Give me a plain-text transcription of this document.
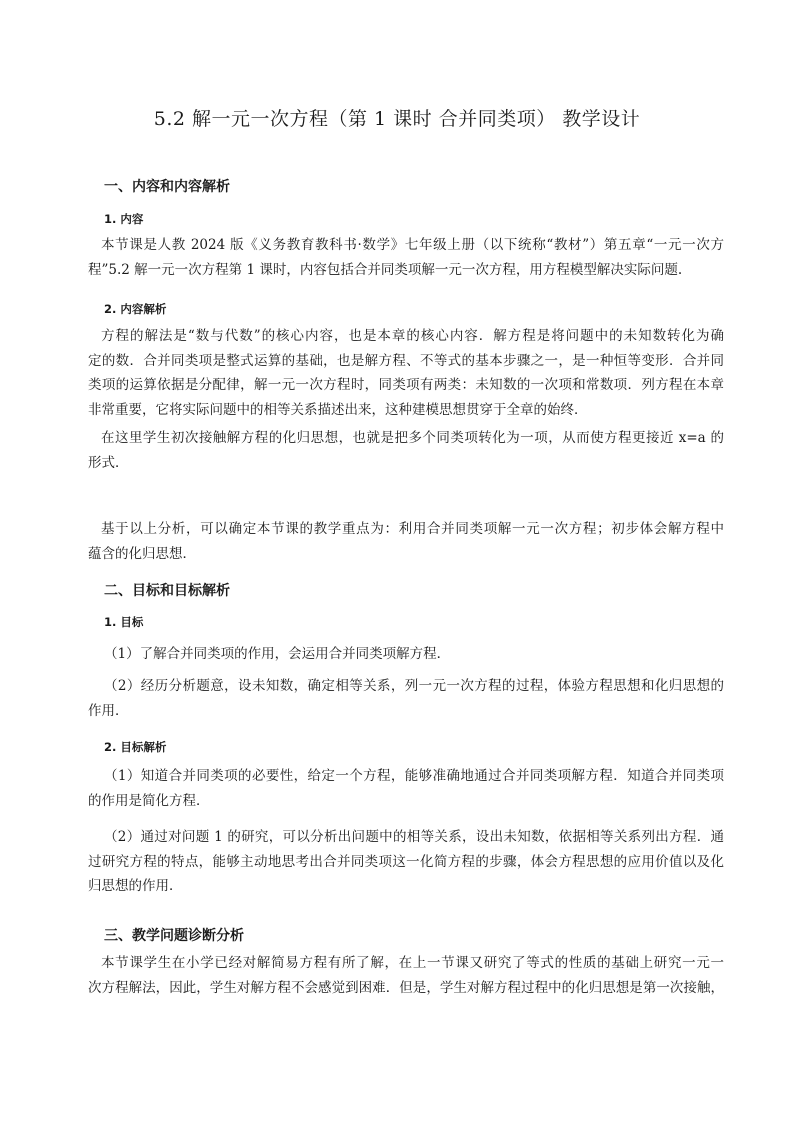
5.2 解一元一次方程（第 1 课时 合并同类项） 教学设计
一、内容和内容解析
1. 内容
本节课是人教 2024 版《义务教育教科书·数学》七年级上册（以下统称“教材”）第五章“一元一次方
程”5.2 解一元一次方程第 1 课时，内容包括合并同类项解一元一次方程，用方程模型解决实际问题.
2. 内容解析
方程的解法是“数与代数”的核心内容，也是本章的核心内容．解方程是将问题中的未知数转化为确
定的数．合并同类项是整式运算的基础，也是解方程、不等式的基本步骤之一，是一种恒等变形．合并同
类项的运算依据是分配律，解一元一次方程时，同类项有两类：未知数的一次项和常数项．列方程在本章
非常重要，它将实际问题中的相等关系描述出来，这种建模思想贯穿于全章的始终．
在这里学生初次接触解方程的化归思想，也就是把多个同类项转化为一项，从而使方程更接近 x=a 的
形式．
基于以上分析，可以确定本节课的教学重点为：利用合并同类项解一元一次方程；初步体会解方程中
蕴含的化归思想．
二、目标和目标解析
1. 目标
（1）了解合并同类项的作用，会运用合并同类项解方程．
（2）经历分析题意，设未知数，确定相等关系，列一元一次方程的过程，体验方程思想和化归思想的
作用．
2. 目标解析
（1）知道合并同类项的必要性，给定一个方程，能够准确地通过合并同类项解方程．知道合并同类项
的作用是简化方程．
（2）通过对问题 1 的研究，可以分析出问题中的相等关系，设出未知数，依据相等关系列出方程．通
过研究方程的特点，能够主动地思考出合并同类项这一化简方程的步骤，体会方程思想的应用价值以及化
归思想的作用．
三、教学问题诊断分析
本节课学生在小学已经对解简易方程有所了解，在上一节课又研究了等式的性质的基础上研究一元一
次方程解法，因此，学生对解方程不会感觉到困难．但是，学生对解方程过程中的化归思想是第一次接触，
